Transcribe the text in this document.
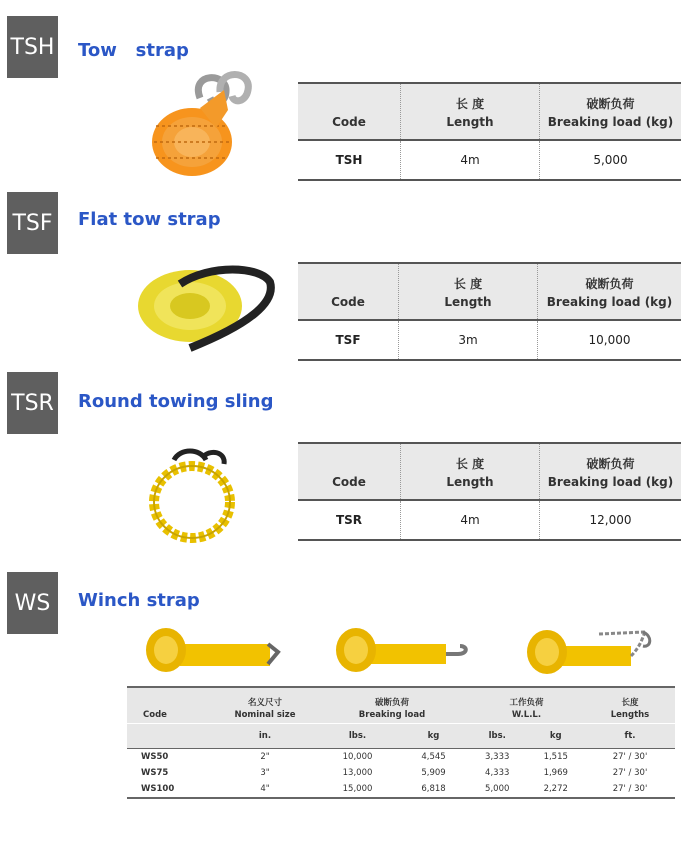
TSH Tow   strap
Code	长 度
Length	破断负荷
Breaking load (kg)
TSH	4m	5,000
TSF	Flat tow strap
Code	长 度
Length	破断负荷
Breaking load (kg)
TSF	3m	10,000
TSR Round towing sling
Code	长 度
Length	破断负荷
Breaking load (kg)
TSR	4m	12,000
WS	Winch strap
Code	名义尺寸
Nominal size	破断负荷
Breaking load		工作负荷
W.L.L.		长度
Lengths
	in.	lbs.	kg	lbs.	kg	ft.
WS50	2"	10,000	4,545	3,333	1,515	27' / 30'
WS75	3"	13,000	5,909	4,333	1,969	27' / 30'
WS100	4"	15,000	6,818	5,000	2,272	27' / 30'
